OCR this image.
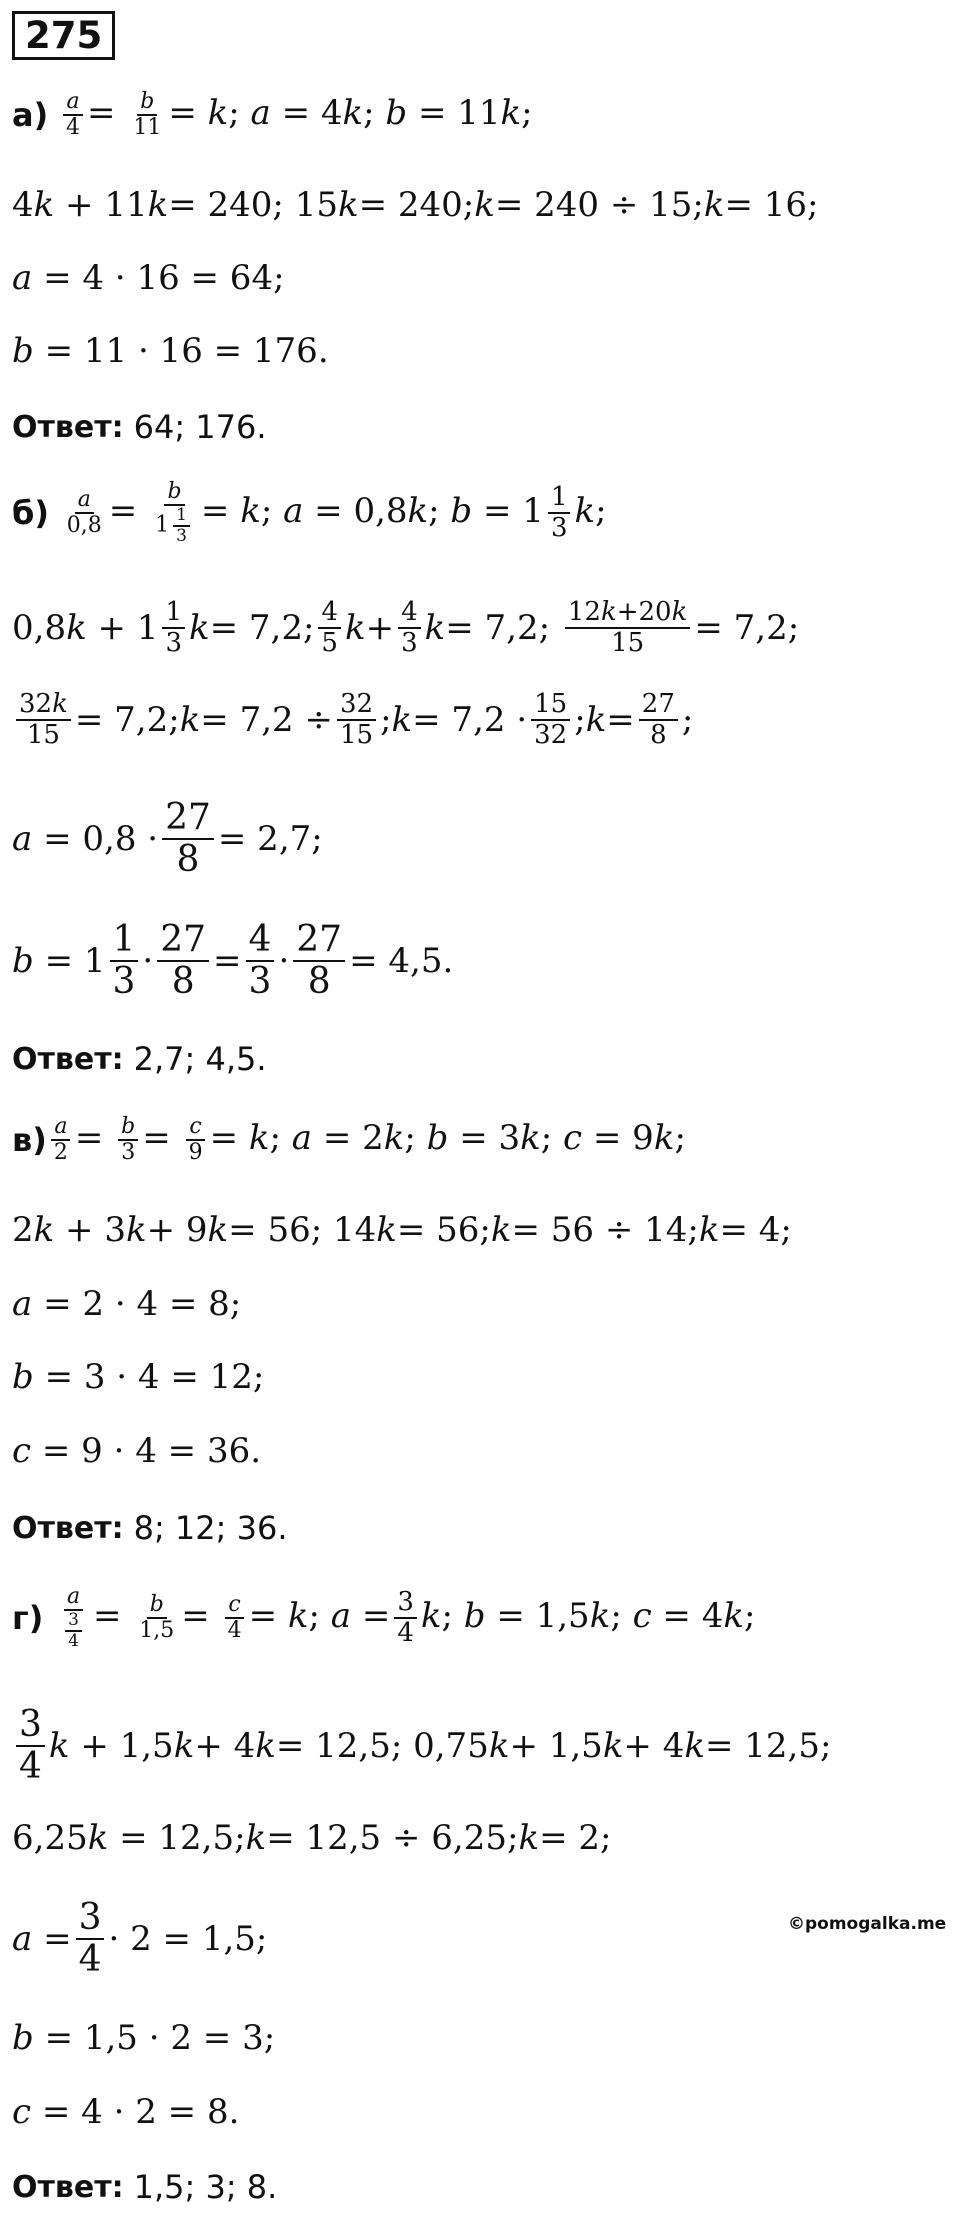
275
а)
$\frac{a}{4} = \frac{b}{11} = k$; a = 4k; b = 11k;
4 k + 11 k = 240; 15 k = 240; k = 240 ÷ 15; k = 16;
a = 4 · 16 = 64;
b = 11 · 16 = 176.
Ответ: 64; 176.
б)
$\frac{a}{0,8} = \frac{b}{1 \frac{1}{3}} = k$; a = 0,8k; $b = 1 \frac{1}{3} k$;
0,8 $k + 1 \frac{1}{3}$ k = 7,2; $\frac{4}{5}$ $k + \frac{4}{3}$ k = 7,2; $\frac{12k+20k}{15} = 7,2$;
$\frac{32k}{15} = 7,2$; $k = 7,2 \div \frac{32}{15}$ ; $k = 7,2 \cdot \frac{15}{32}$ ; $k = \frac{27}{8}$ ;
$a = 0,8 \cdot \frac{27}{8} = 2,7$;
$b = 1 \frac{1}{3} \cdot \frac{27}{8} = \frac{4}{3} \cdot \frac{27}{8} = 4,5$.
Ответ: 2,7; 4,5.
$в) \frac{a}{2} = \frac{b}{3} = \frac{c}{9} = k$; a = 2k; b = 3k; c = 9k;
2 k + 3 k + 9 k = 56; 14 k = 56; k = 56 ÷ 14; k = 4;
a = 2 · 4 = 8;
b = 3 · 4 = 12;
c = 9 · 4 = 36.
Ответ: 8; 12; 36.
г)
$\frac{a}{\frac{3}{4}} = \frac{b}{1,5} = \frac{c}{4} = k$; $a = \frac{3}{4} k$; b = 1,5k; c = 4k;
$\frac{3}{4}$ k + 1,5 k + 4 k = 12,5; 0,75 k + 1,5 k + 4 k = 12,5;
6,25 k = 12,5; k = 12,5 ÷ 6,25; k = 2;
$a = \frac{3}{4} \cdot 2 = 1,5$;
b = 1,5 · 2 = 3;
c = 4 · 2 = 8.
Ответ: 1,5; 3; 8.
©pomogalka.me
